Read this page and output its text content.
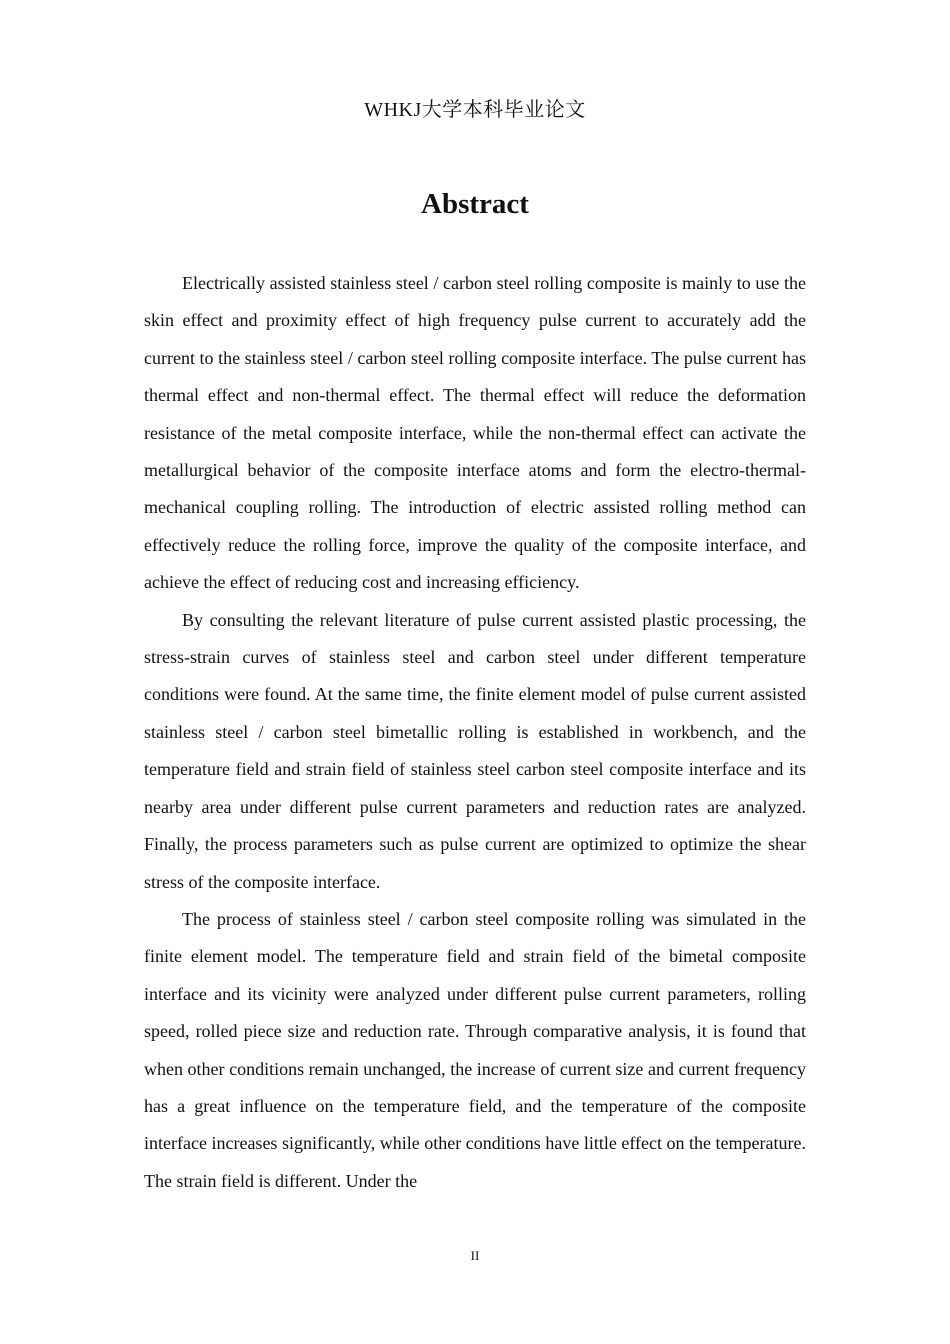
WHKJ大学本科毕业论文
Abstract

Electrically assisted stainless steel / carbon steel rolling composite is mainly to use the skin effect and proximity effect of high frequency pulse current to accurately add the current to the stainless steel / carbon steel rolling composite interface. The pulse current has thermal effect and non-thermal effect. The thermal effect will reduce the deformation resistance of the metal composite interface, while the non-thermal effect can activate the metallurgical behavior of the composite interface atoms and form the electro-thermal-mechanical coupling rolling. The introduction of electric assisted rolling method can effectively reduce the rolling force, improve the quality of the composite interface, and achieve the effect of reducing cost and increasing efficiency.

By consulting the relevant literature of pulse current assisted plastic processing, the stress-strain curves of stainless steel and carbon steel under different temperature conditions were found. At the same time, the finite element model of pulse current assisted stainless steel / carbon steel bimetallic rolling is established in workbench, and the temperature field and strain field of stainless steel carbon steel composite interface and its nearby area under different pulse current parameters and reduction rates are analyzed. Finally, the process parameters such as pulse current are optimized to optimize the shear stress of the composite interface.

The process of stainless steel / carbon steel composite rolling was simulated in the finite element model. The temperature field and strain field of the bimetal composite interface and its vicinity were analyzed under different pulse current parameters, rolling speed, rolled piece size and reduction rate. Through comparative analysis, it is found that when other conditions remain unchanged, the increase of current size and current frequency has a great influence on the temperature field, and the temperature of the composite interface increases significantly, while other conditions have little effect on the temperature. The strain field is different. Under the

II
